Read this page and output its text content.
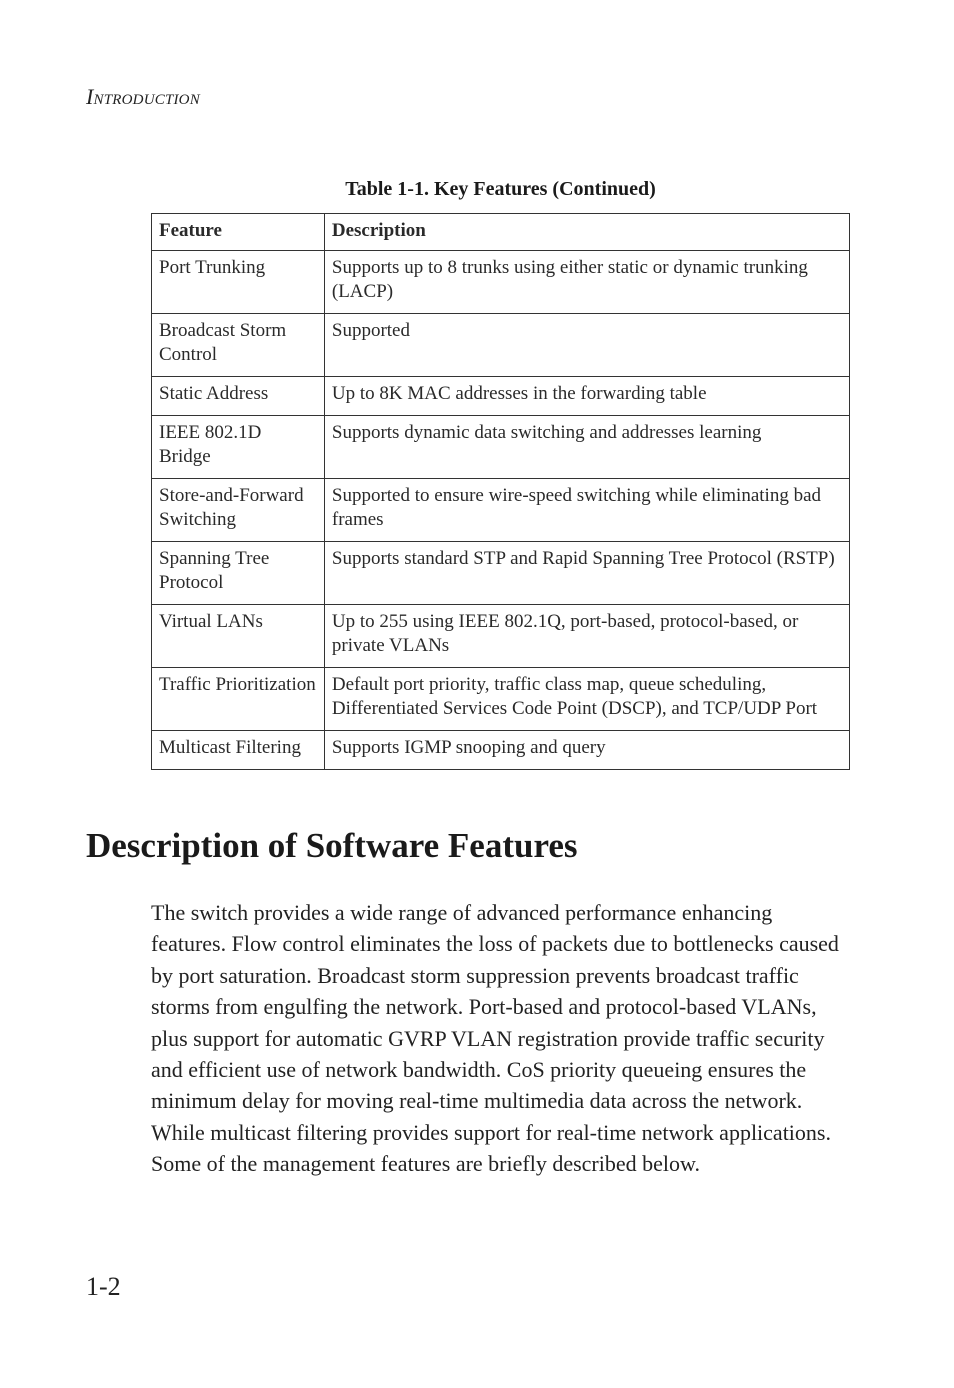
Introduction
Table 1-1. Key Features (Continued)
Feature	Description
Port Trunking	Supports up to 8 trunks using either static or dynamic trunking (LACP)
Broadcast Storm Control	Supported
Static Address	Up to 8K MAC addresses in the forwarding table
IEEE 802.1D Bridge	Supports dynamic data switching and addresses learning
Store-and-Forward Switching	Supported to ensure wire-speed switching while eliminating bad frames
Spanning Tree Protocol	Supports standard STP and Rapid Spanning Tree Protocol (RSTP)
Virtual LANs	Up to 255 using IEEE 802.1Q, port-based, protocol-based, or private VLANs
Traffic Prioritization	Default port priority, traffic class map, queue scheduling, Differentiated Services Code Point (DSCP), and TCP/UDP Port
Multicast Filtering	Supports IGMP snooping and query
Description of Software Features

The switch provides a wide range of advanced performance enhancing features. Flow control eliminates the loss of packets due to bottlenecks caused by port saturation. Broadcast storm suppression prevents broadcast traffic storms from engulfing the network. Port-based and protocol-based VLANs, plus support for automatic GVRP VLAN registration provide traffic security and efficient use of network bandwidth. CoS priority queueing ensures the minimum delay for moving real-time multimedia data across the network. While multicast filtering provides support for real-time network applications. Some of the management features are briefly described below.

1-2
